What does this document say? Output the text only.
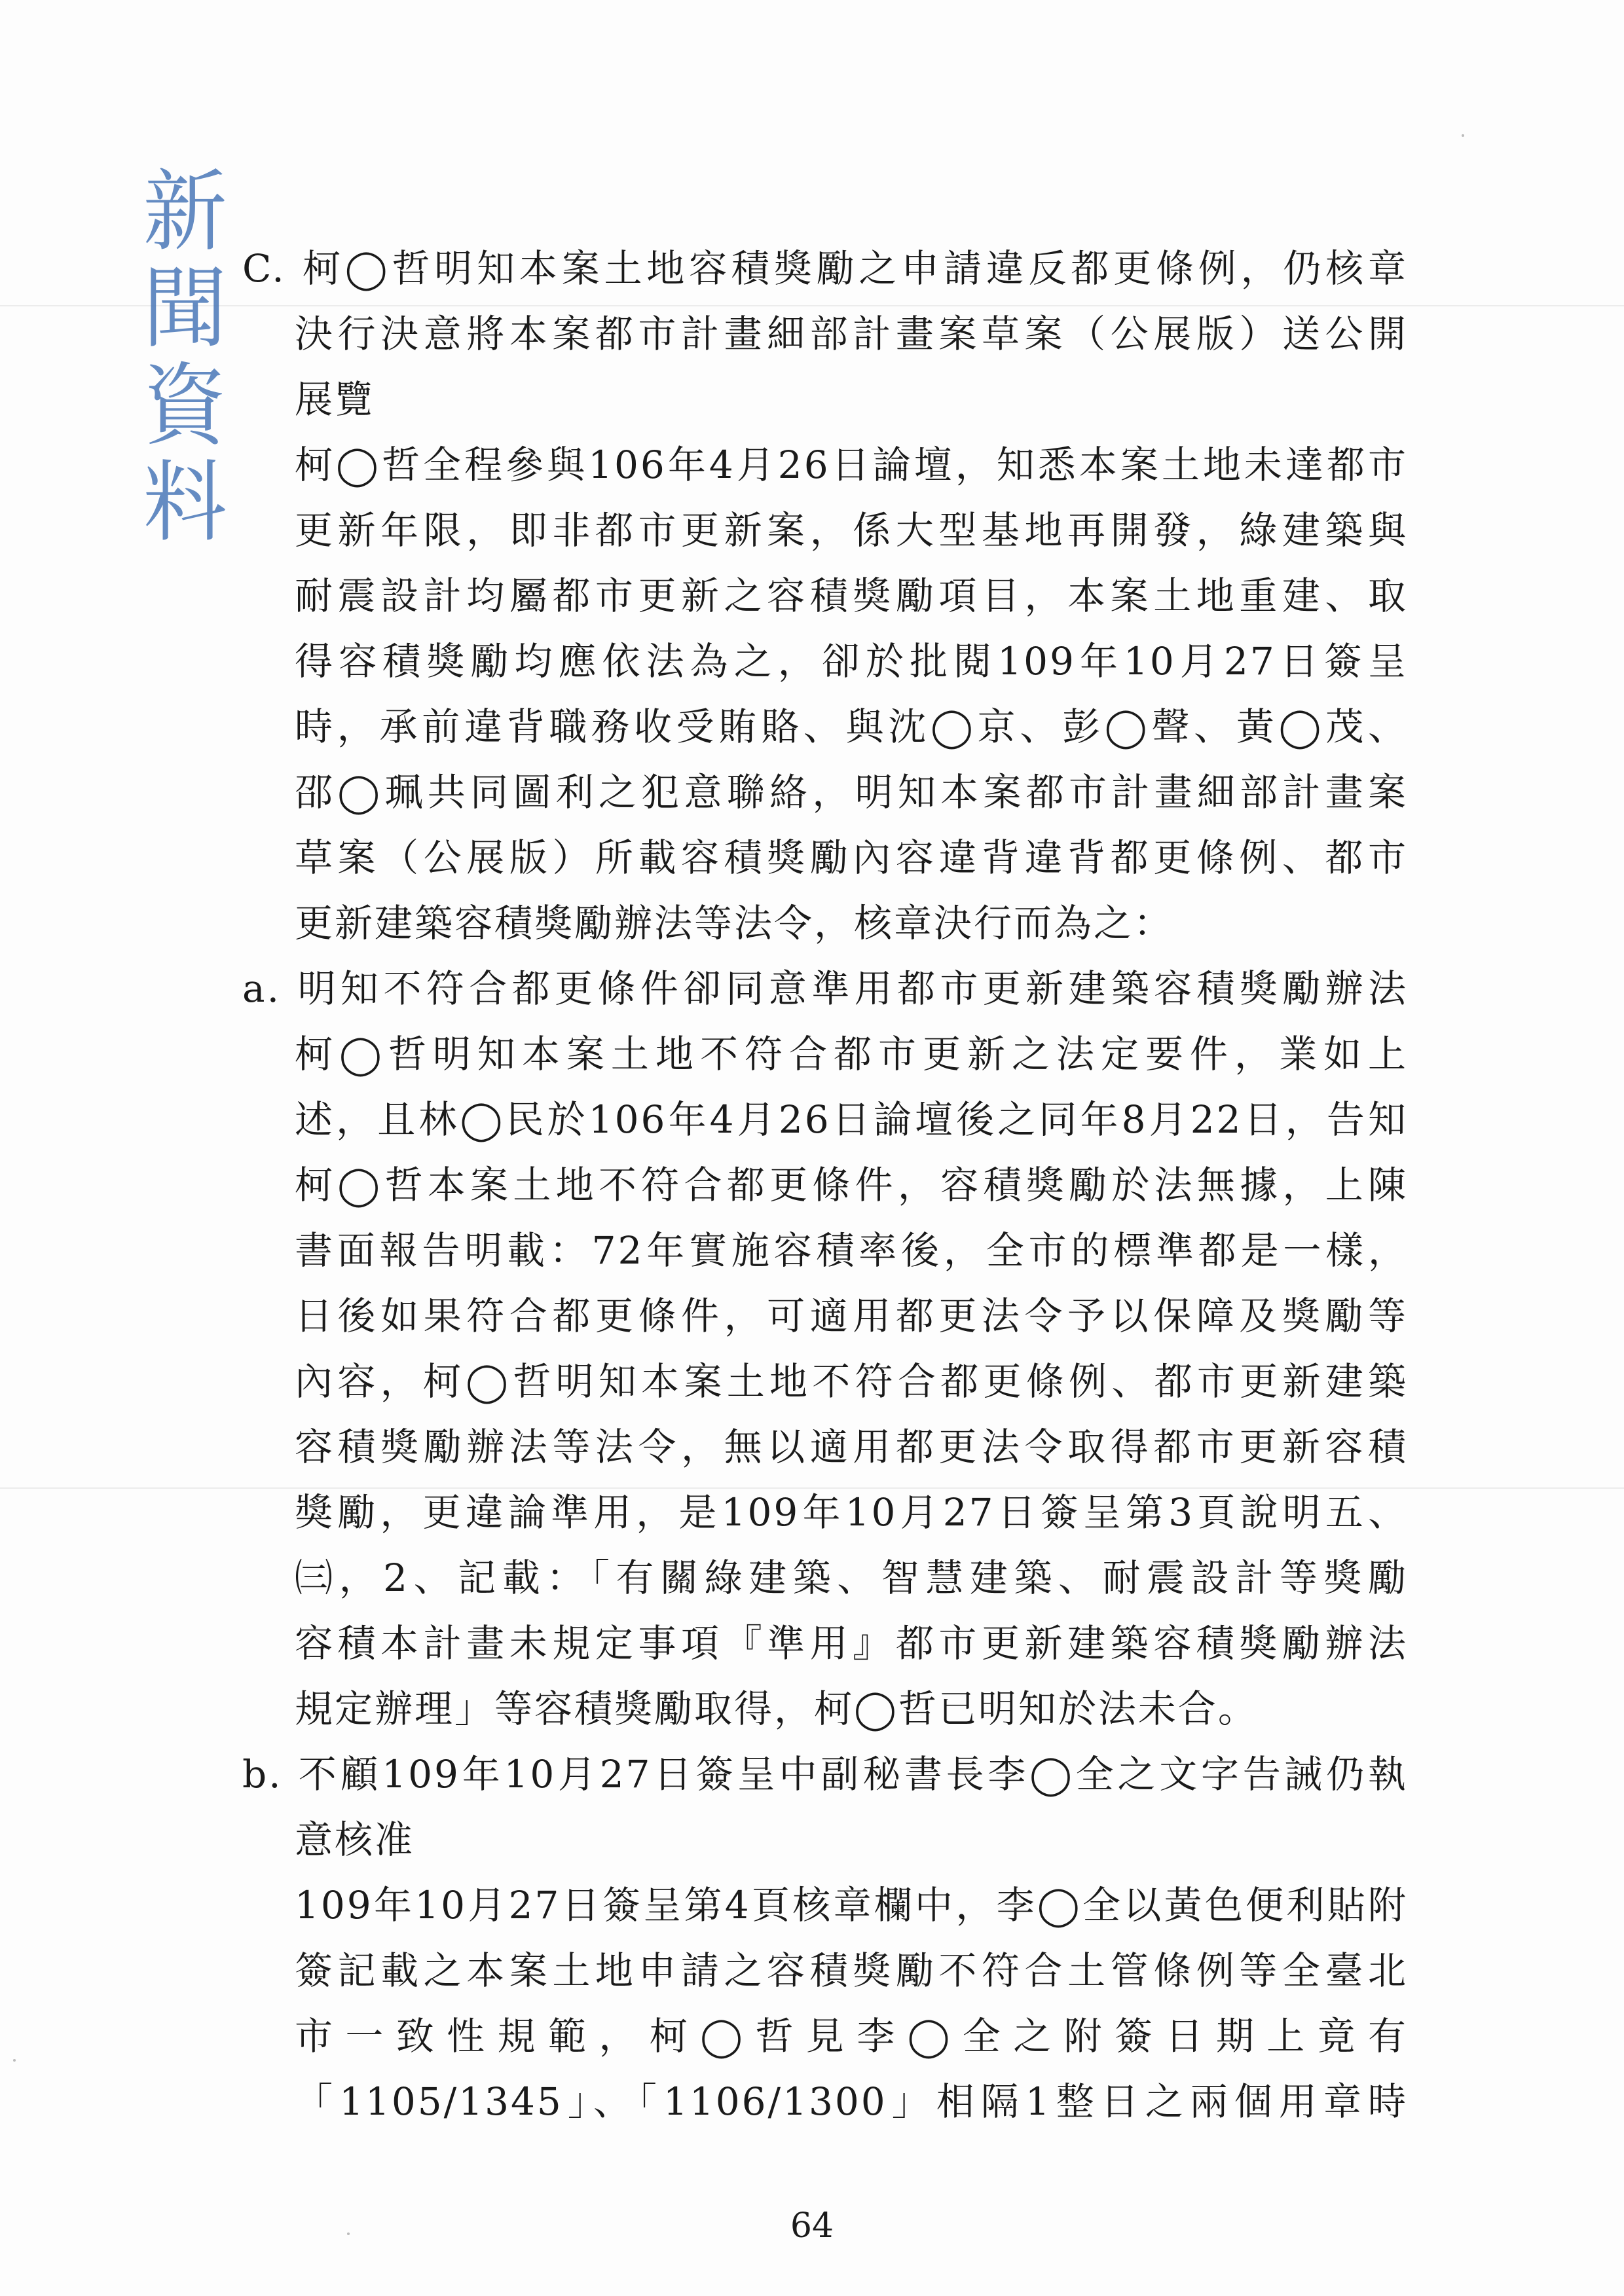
新
聞
資
料
C. 柯◯哲明知本案土地容積獎勵之申請違反都更條例，仍核章
決行決意將本案都市計畫細部計畫案草案（公展版）送公開
展覽
柯◯哲全程參與106年4月26日論壇，知悉本案土地未達都市
更新年限，即非都市更新案，係大型基地再開發，綠建築與
耐震設計均屬都市更新之容積獎勵項目，本案土地重建、取
得容積獎勵均應依法為之，卻於批閱109年10月27日簽呈
時，承前違背職務收受賄賂、與沈◯京、彭◯聲、黃◯茂、
邵◯珮共同圖利之犯意聯絡，明知本案都市計畫細部計畫案
草案（公展版）所載容積獎勵內容違背違背都更條例、都市
更新建築容積獎勵辦法等法令，核章決行而為之：
a. 明知不符合都更條件卻同意準用都市更新建築容積獎勵辦法
柯◯哲明知本案土地不符合都市更新之法定要件，業如上
述，且林◯民於106年4月26日論壇後之同年8月22日，告知
柯◯哲本案土地不符合都更條件，容積獎勵於法無據，上陳
書面報告明載：72年實施容積率後，全市的標準都是一樣，
日後如果符合都更條件，可適用都更法令予以保障及獎勵等
內容，柯◯哲明知本案土地不符合都更條例、都市更新建築
容積獎勵辦法等法令，無以適用都更法令取得都市更新容積
獎勵，更違論準用，是109年10月27日簽呈第3頁說明五、
㈢，2、記載：「有關綠建築、智慧建築、耐震設計等獎勵
容積本計畫未規定事項『準用』都市更新建築容積獎勵辦法
規定辦理」等容積獎勵取得，柯◯哲已明知於法未合。
b. 不顧109年10月27日簽呈中副秘書長李◯全之文字告誡仍執
意核准
109年10月27日簽呈第4頁核章欄中，李◯全以黃色便利貼附
簽記載之本案土地申請之容積獎勵不符合土管條例等全臺北
市一致性規範，柯◯哲見李◯全之附簽日期上竟有
「1105/1345」、「1106/1300」相隔1整日之兩個用章時
64
